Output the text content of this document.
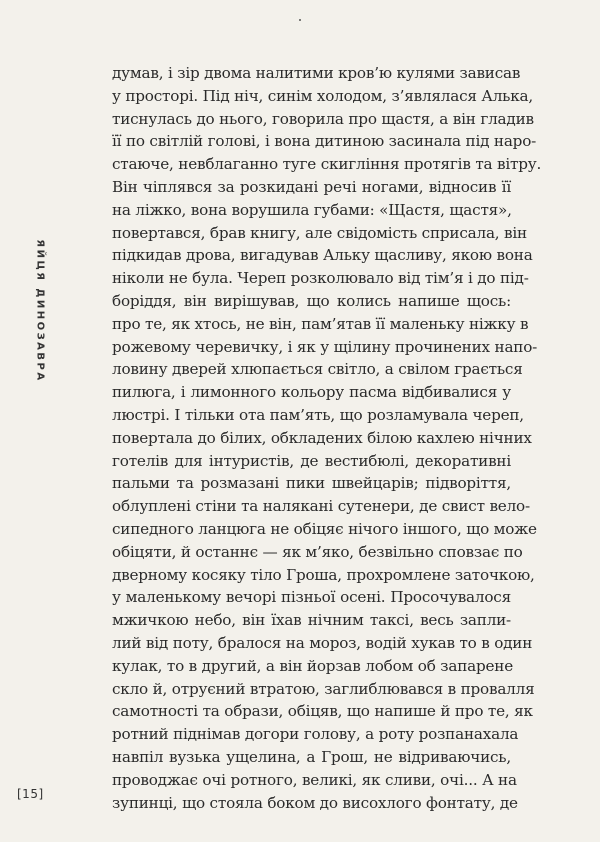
ЯЙЦЯ ДИНОЗАВРА
думав, і зір двома налитими кров’ю кулями зависав
у просторі. Під ніч, синім холодом, з’являлася Алька,
тиснулась до нього, говорила про щастя, а він гладив
її по світлій голові, і вона дитиною засинала під наро-
стаюче, невблаганно туге скигління протягів та вітру.
Він чіплявся за розкидані речі ногами, відносив її
на ліжко, вона ворушила губами: «Щастя, щастя»,
повертався, брав книгу, але свідомість сприсала, він
підкидав дрова, вигадував Альку щасливу, якою вона
ніколи не була. Череп розколювало від тім’я і до під-
боріддя, він вирішував, що колись напише щось:
про те, як хтось, не він, пам’ятав її маленьку ніжку в
рожевому черевичку, і як у щілину прочинених напо-
ловину дверей хлюпається світло, а свілом грається
пилюга, і лимонного кольору пасма відбивалися у
люстрі. І тільки ота пам’ять, що розламувала череп,
повертала до білих, обкладених білою кахлею нічних
готелів для інтуристів, де вестибюлі, декоративні
пальми та розмазані пики швейцарів; підворіття,
облуплені стіни та налякані сутенери, де свист вело-
сипедного ланцюга не обіцяє нічого іншого, що може
обіцяти, й останнє — як м’яко, безвільно сповзає по
дверному косяку тіло Гроша, прохромлене заточкою,
у маленькому вечорі пізньої осені. Просочувалося
мжичкою небо, він їхав нічним таксі, весь запли-
лий від поту, бралося на мороз, водій хукав то в один
кулак, то в другий, а він йорзав лобом об запарене
скло й, отруєний втратою, заглиблювався в провалля
самотності та образи, обіцяв, що напише й про те, як
ротний піднімав догори голову, а роту розпанахала
навпіл вузька ущелина, а Грош, не відриваючись,
проводжає очі ротного, великі, як сливи, очі... А на
зупинці, що стояла боком до висохлого фонтату, де
[15]
